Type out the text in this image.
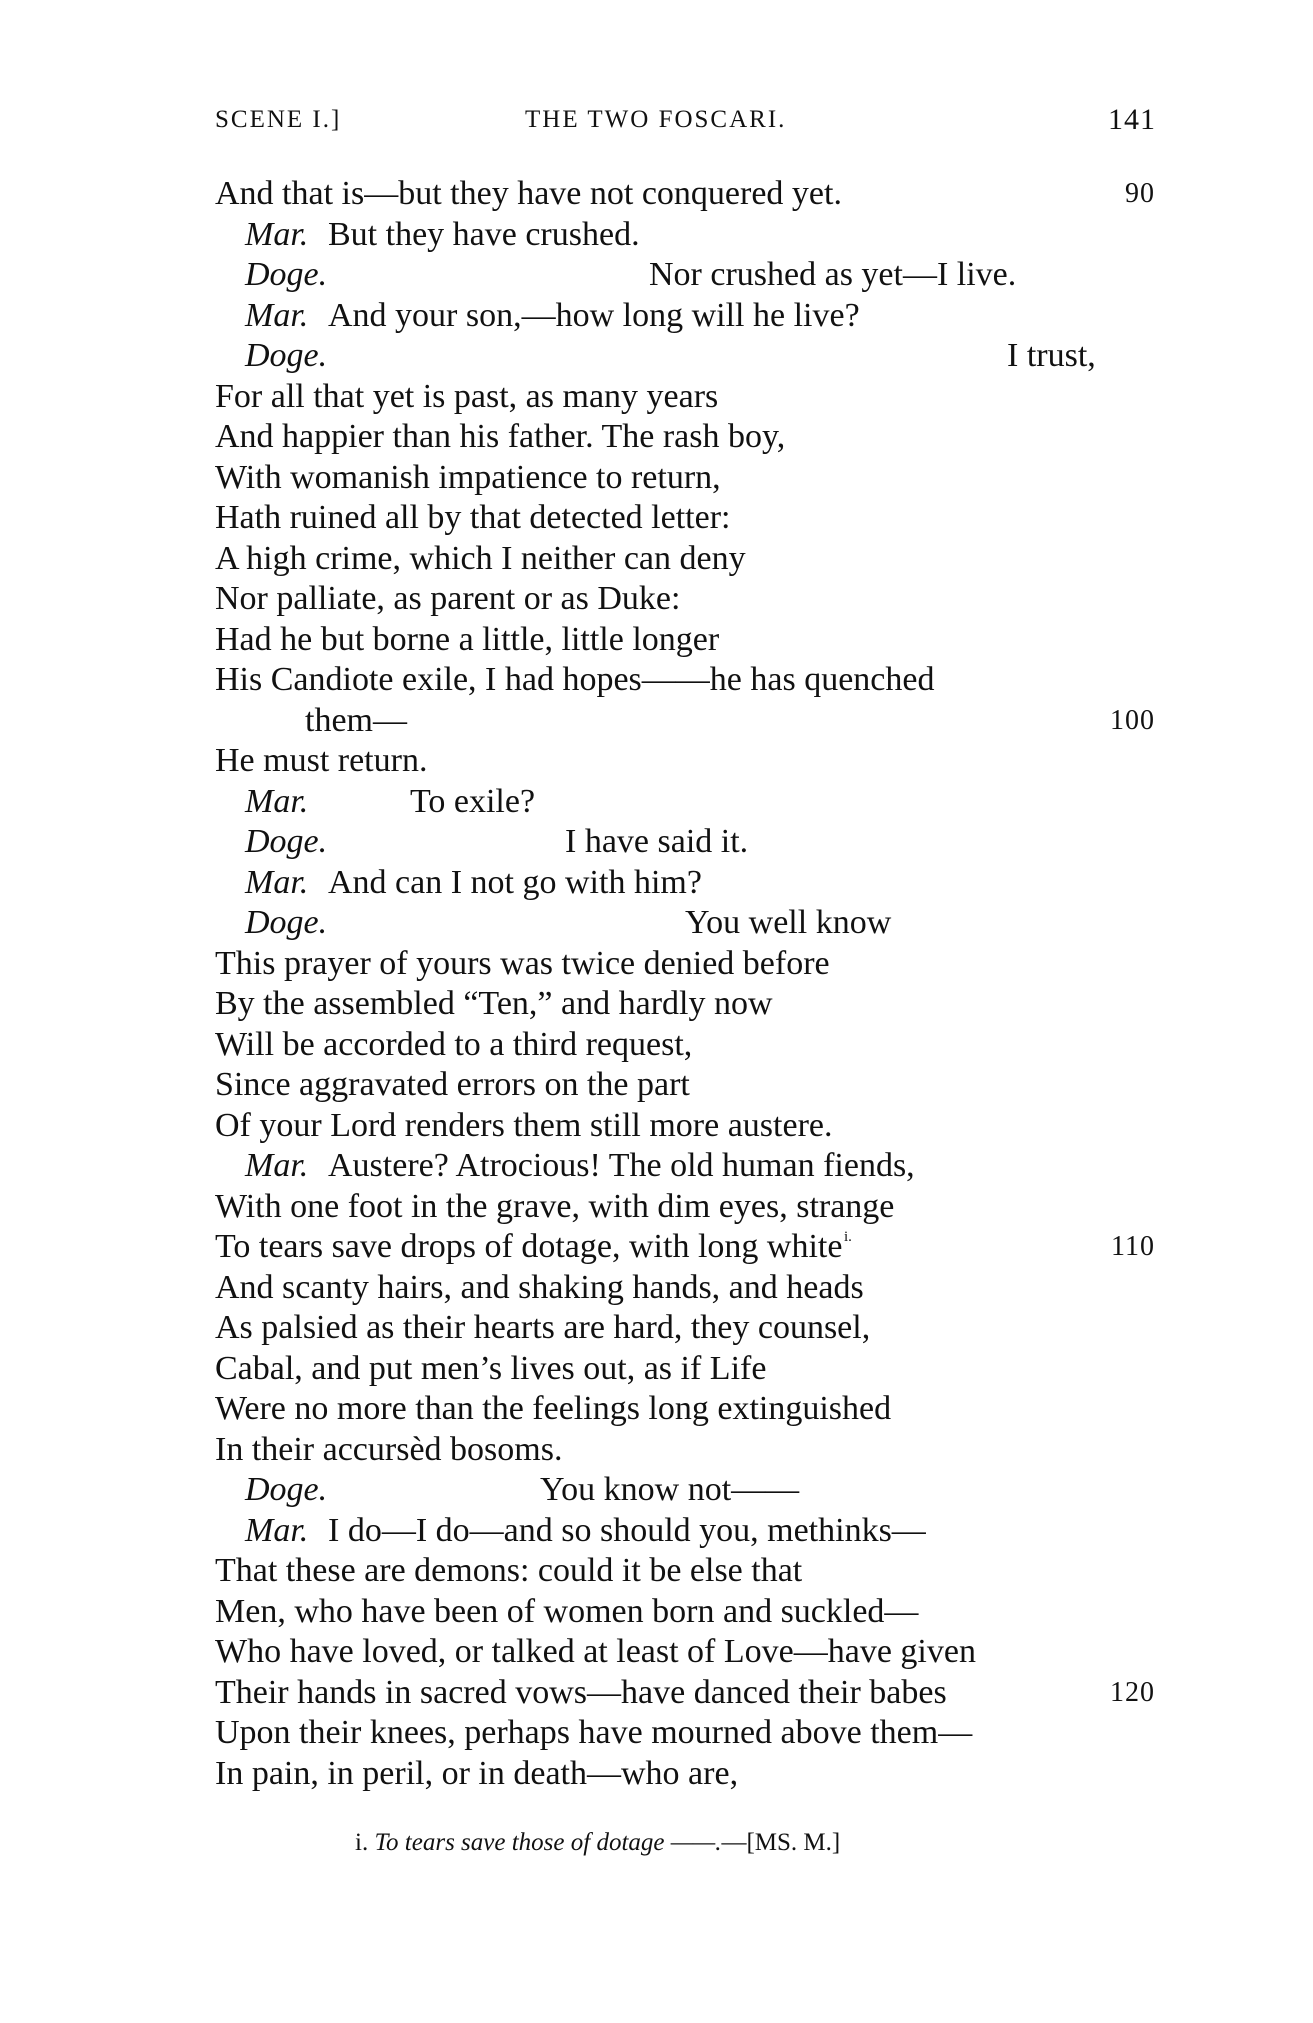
SCENE I.]	THE TWO FOSCARI.	141
And that is—but they have not conquered yet.	90
Mar. But they have crushed.
Doge.	Nor crushed as yet—I live.
Mar. And your son,—how long will he live?
Doge.	I trust,
For all that yet is past, as many years
And happier than his father. The rash boy,
With womanish impatience to return,
Hath ruined all by that detected letter:
A high crime, which I neither can deny
Nor palliate, as parent or as Duke:
Had he but borne a little, little longer
His Candiote exile, I had hopes——he has quenched
them—	100
He must return.
Mar.	To exile?
Doge.	I have said it.
Mar. And can I not go with him?
Doge.	You well know
This prayer of yours was twice denied before
By the assembled “Ten,” and hardly now
Will be accorded to a third request,
Since aggravated errors on the part
Of your Lord renders them still more austere.
Mar. Austere? Atrocious! The old human fiends,
With one foot in the grave, with dim eyes, strange
To tears save drops of dotage, with long white i.	110
And scanty hairs, and shaking hands, and heads
As palsied as their hearts are hard, they counsel,
Cabal, and put men’s lives out, as if Life
Were no more than the feelings long extinguished
In their accursèd bosoms.
Doge.	You know not——
Mar. I do—I do—and so should you, methinks—
That these are demons: could it be else that
Men, who have been of women born and suckled—
Who have loved, or talked at least of Love—have given
Their hands in sacred vows—have danced their babes	120
Upon their knees, perhaps have mourned above them—
In pain, in peril, or in death—who are,
i. To tears save those of dotage ——.—[MS. M.]
